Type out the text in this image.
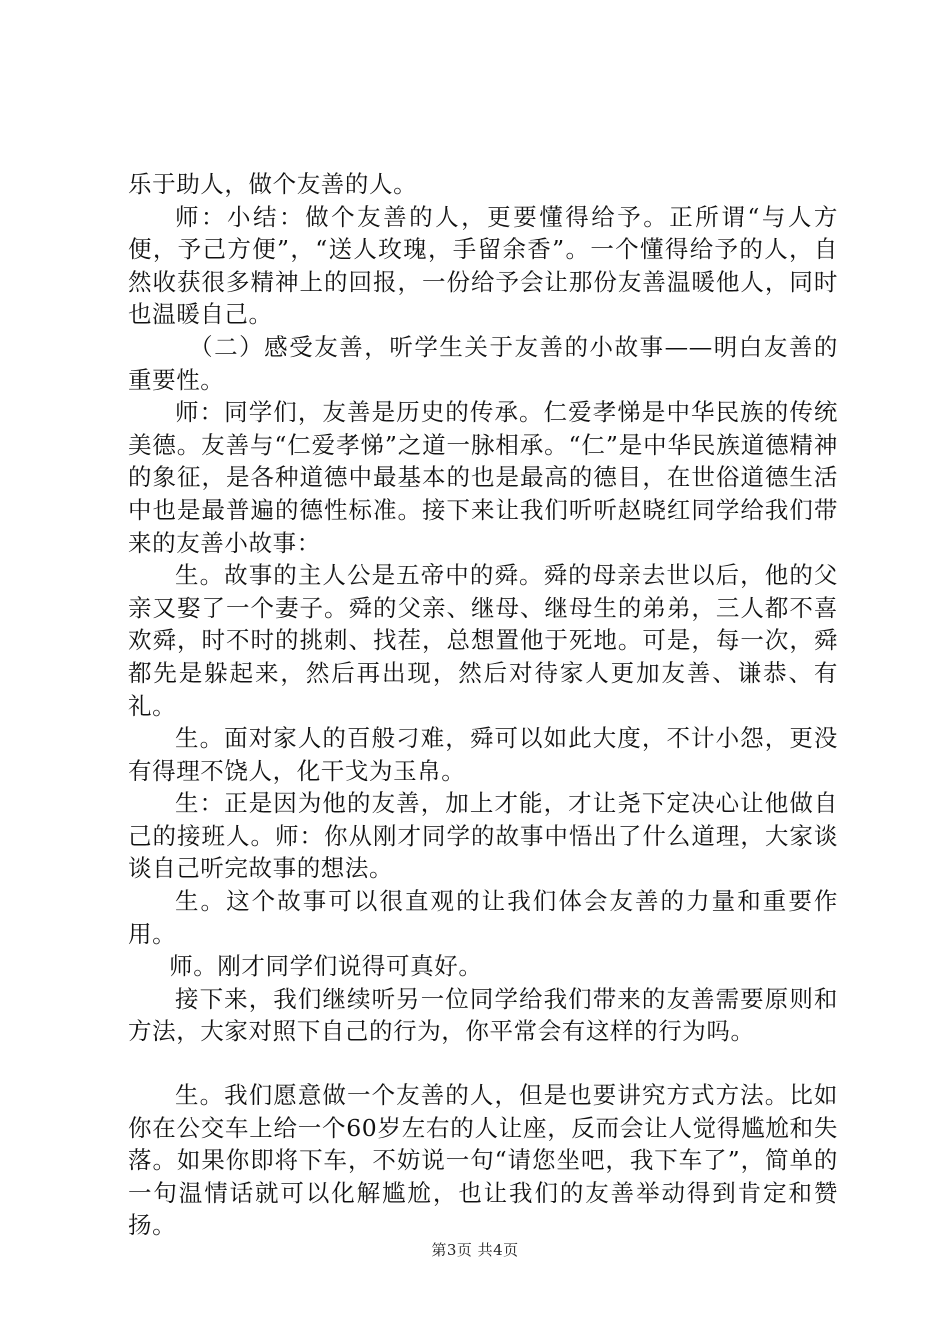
乐于助人，做个友善的人。

师：小结：做个友善的人，更要懂得给予。正所谓“与人方便，予己方便”，“送人玫瑰，手留余香”。一个懂得给予的人，自然收获很多精神上的回报，一份给予会让那份友善温暖他人，同时也温暖自己。

（二）感受友善，听学生关于友善的小故事——明白友善的重要性。

师：同学们，友善是历史的传承。仁爱孝悌是中华民族的传统美德。友善与“仁爱孝悌”之道一脉相承。“仁”是中华民族道德精神的象征，是各种道德中最基本的也是最高的德目，在世俗道德生活中也是最普遍的德性标准。接下来让我们听听赵晓红同学给我们带来的友善小故事：

生。故事的主人公是五帝中的舜。舜的母亲去世以后，他的父亲又娶了一个妻子。舜的父亲、继母、继母生的弟弟，三人都不喜欢舜，时不时的挑刺、找茬，总想置他于死地。可是，每一次，舜都先是躲起来，然后再出现，然后对待家人更加友善、谦恭、有礼。

生。面对家人的百般刁难，舜可以如此大度，不计小怨，更没有得理不饶人，化干戈为玉帛。

生：正是因为他的友善，加上才能，才让尧下定决心让他做自己的接班人。师：你从刚才同学的故事中悟出了什么道理，大家谈谈自己听完故事的想法。

生。这个故事可以很直观的让我们体会友善的力量和重要作用。

师。刚才同学们说得可真好。

接下来，我们继续听另一位同学给我们带来的友善需要原则和方法，大家对照下自己的行为，你平常会有这样的行为吗。

生。我们愿意做一个友善的人，但是也要讲究方式方法。比如你在公交车上给一个60岁左右的人让座，反而会让人觉得尴尬和失落。如果你即将下车，不妨说一句“请您坐吧，我下车了”，简单的一句温情话就可以化解尴尬，也让我们的友善举动得到肯定和赞扬。

第3页 共4页
